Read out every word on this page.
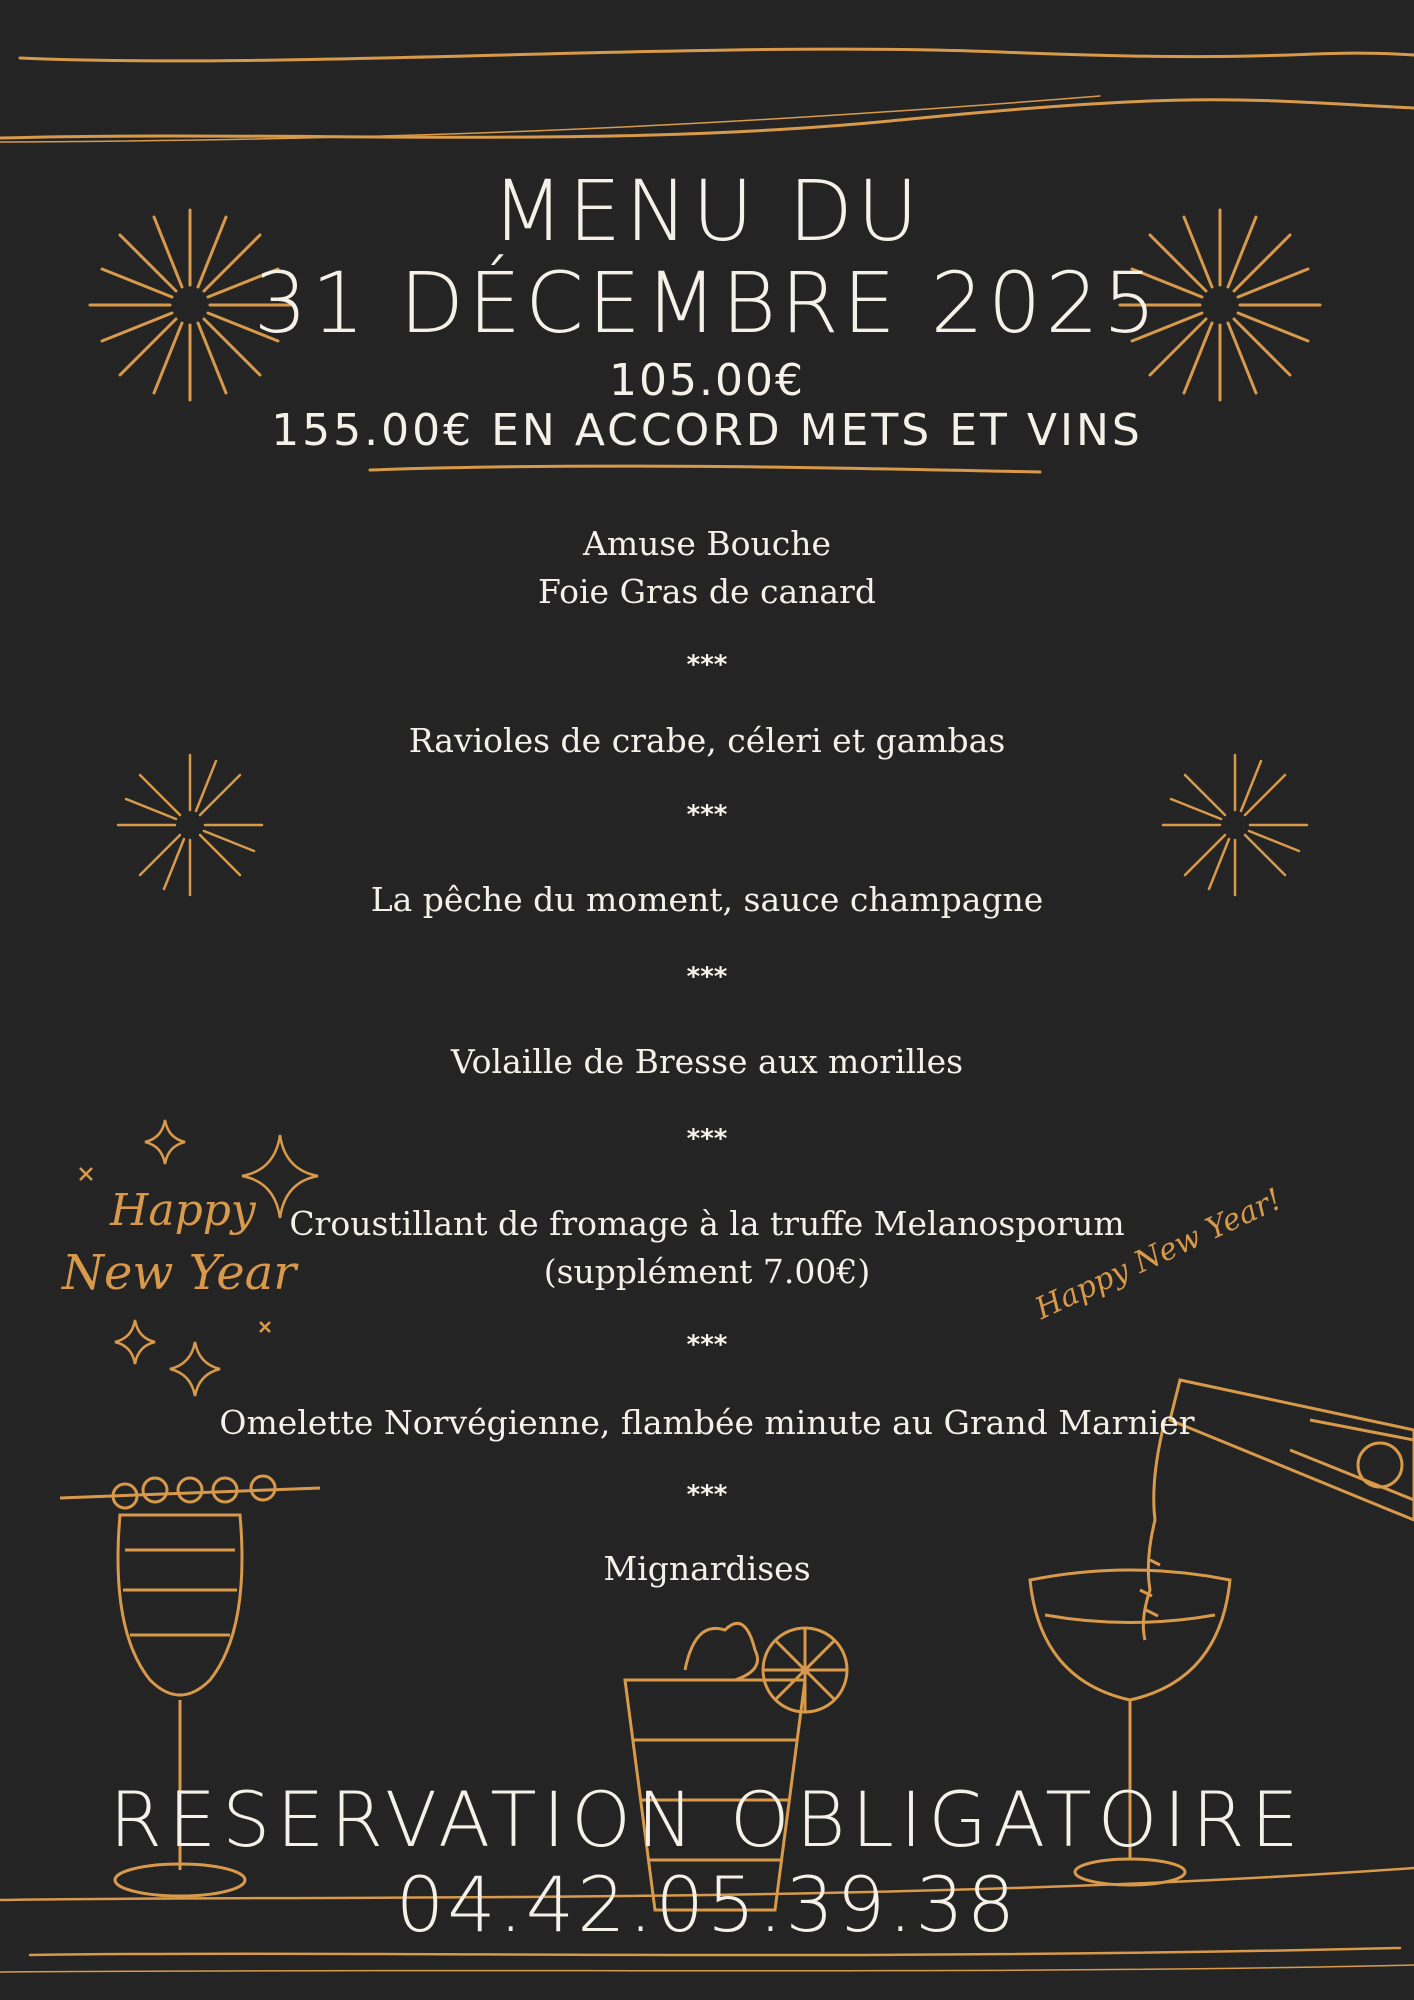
Happy
New Year	Happy New Year!
MENU DU
31 DÉCEMBRE 2025
105.00€
155.00€ EN ACCORD METS ET VINS
Amuse Bouche
Foie Gras de canard
***
Ravioles de crabe, céleri et gambas
***
La pêche du moment, sauce champagne
***
Volaille de Bresse aux morilles
***
Croustillant de fromage à la truffe Melanosporum
(supplément 7.00€)
***
Omelette Norvégienne, flambée minute au Grand Marnier
***
Mignardises
RESERVATION OBLIGATOIRE
04.42.05.39.38
